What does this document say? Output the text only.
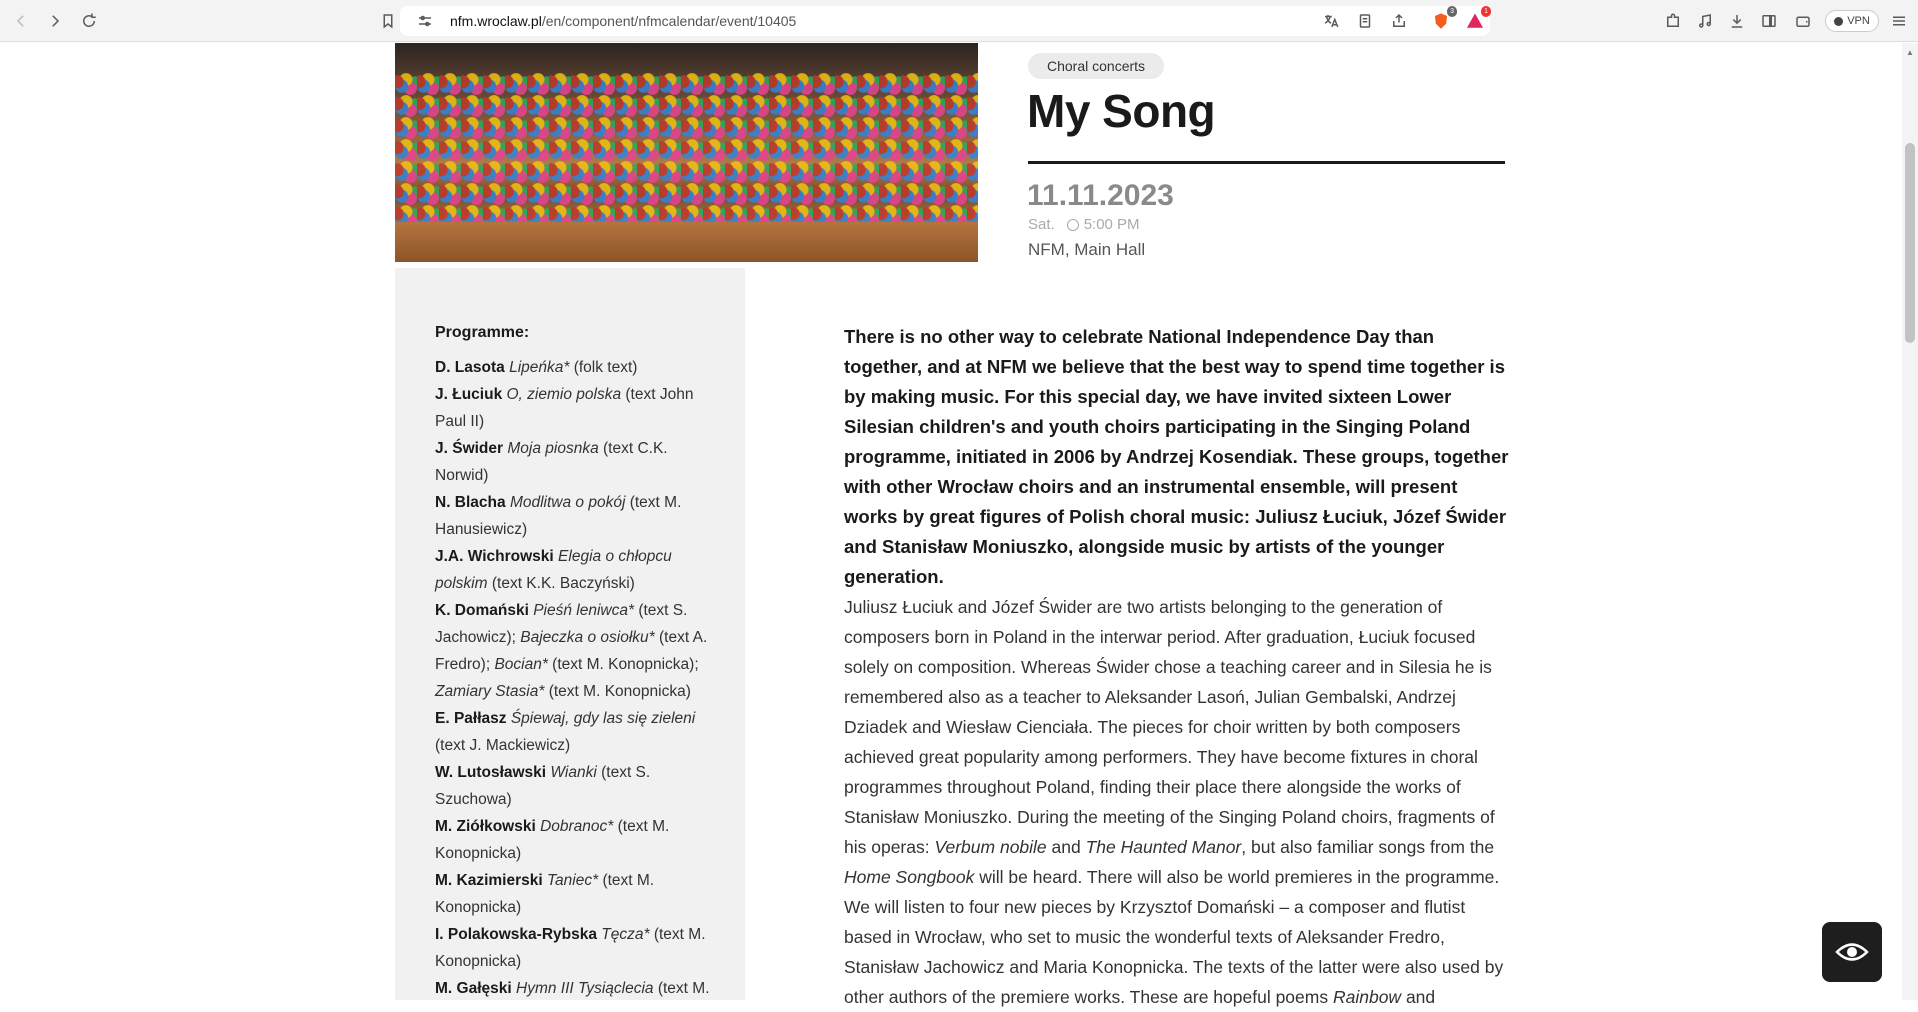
nfm.wroclaw.pl/en/component/nfmcalendar/event/10405
3	1
VPN
Choral concerts
My Song
11.11.2023
Sat. 5:00 PM
NFM, Main Hall
Programme:
D. Lasota Lipeńka* (folk text)
J. Łuciuk O, ziemio polska (text John Paul II)
J. Świder Moja piosnka (text C.K. Norwid)
N. Blacha Modlitwa o pokój (text M. Hanusiewicz)
J.A. Wichrowski Elegia o chłopcu polskim (text K.K. Baczyński)
K. Domański Pieśń leniwca* (text S. Jachowicz); Bajeczka o osiołku* (text A. Fredro); Bocian* (text M. Konopnicka); Zamiary Stasia* (text M. Konopnicka)
E. Pałłasz Śpiewaj, gdy las się zieleni (text J. Mackiewicz)
W. Lutosławski Wianki (text S. Szuchowa)
M. Ziółkowski Dobranoc* (text M. Konopnicka)
M. Kazimierski Taniec* (text M. Konopnicka)
I. Polakowska-Rybska Tęcza* (text M. Konopnicka)
M. Gałęski Hymn III Tysiąclecia (text M.

There is no other way to celebrate National Independence Day than together, and at NFM we believe that the best way to spend time together is by making music. For this special day, we have invited sixteen Lower Silesian children's and youth choirs participating in the Singing Poland programme, initiated in 2006 by Andrzej Kosendiak. These groups, together with other Wrocław choirs and an instrumental ensemble, will present works by great figures of Polish choral music: Juliusz Łuciuk, Józef Świder and Stanisław Moniuszko, alongside music by artists of the younger generation.

Juliusz Łuciuk and Józef Świder are two artists belonging to the generation of composers born in Poland in the interwar period. After graduation, Łuciuk focused solely on composition. Whereas Świder chose a teaching career and in Silesia he is remembered also as a teacher to Aleksander Lasoń, Julian Gembalski, Andrzej Dziadek and Wiesław Cienciała. The pieces for choir written by both composers achieved great popularity among performers. They have become fixtures in choral programmes throughout Poland, finding their place there alongside the works of Stanisław Moniuszko. During the meeting of the Singing Poland choirs, fragments of his operas: Verbum nobile and The Haunted Manor, but also familiar songs from the Home Songbook will be heard. There will also be world premieres in the programme. We will listen to four new pieces by Krzysztof Domański – a composer and flutist based in Wrocław, who set to music the wonderful texts of Aleksander Fredro, Stanisław Jachowicz and Maria Konopnicka. The texts of the latter were also used by other authors of the premiere works. These are hopeful poems Rainbow and

▲
